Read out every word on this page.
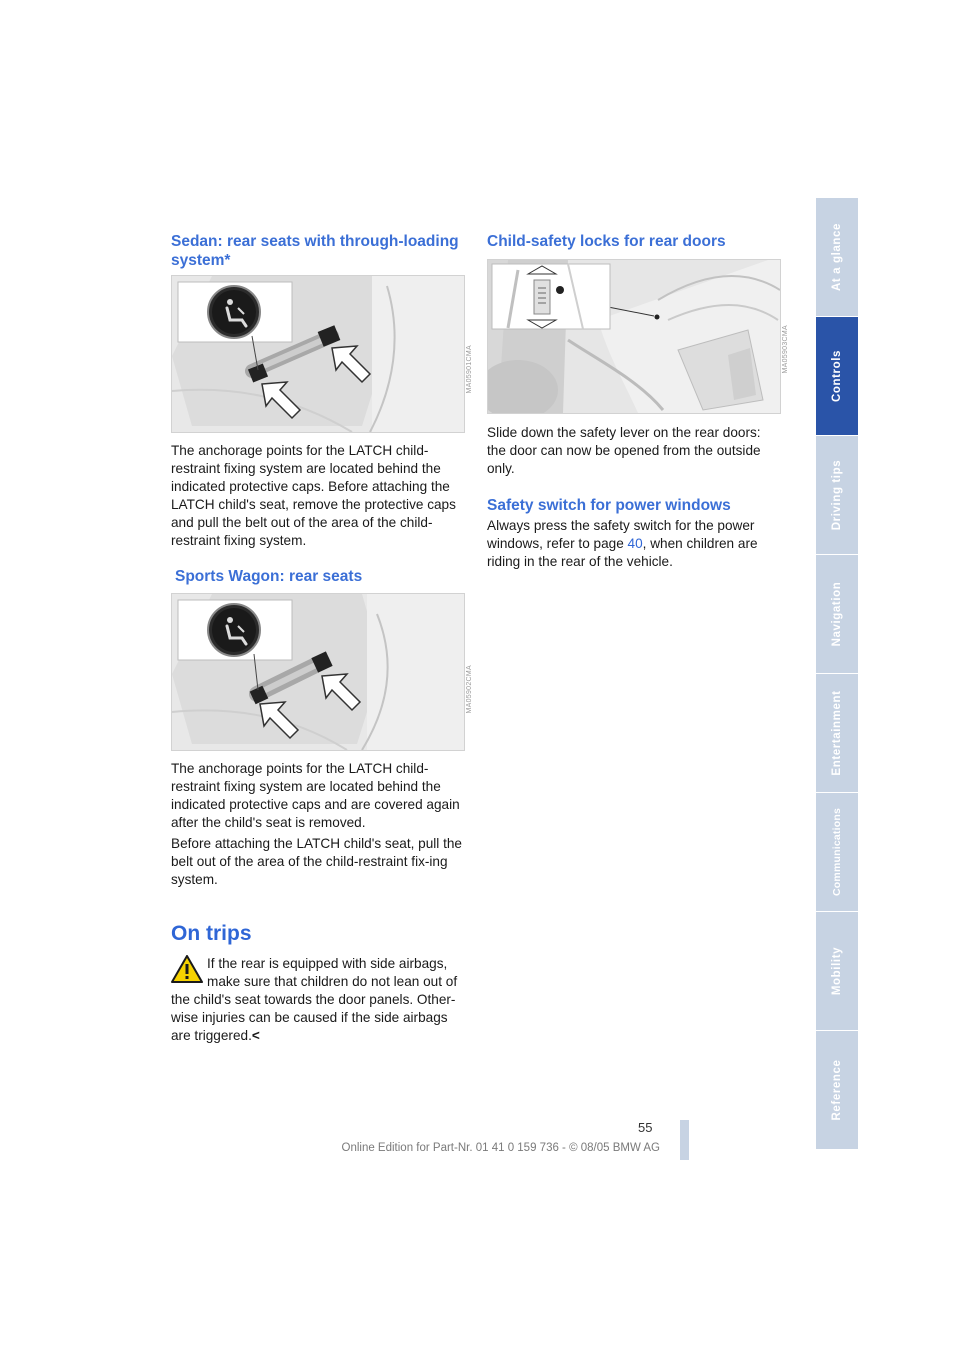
Sedan: rear seats with through-loading system*
MA05901CMA

The anchorage points for the LATCH child-restraint fixing system are located behind the indicated protective caps. Before attaching the LATCH child's seat, remove the protective caps and pull the belt out of the area of the child-restraint fixing system.

Sports Wagon: rear seats
MA05902CMA

The anchorage points for the LATCH child-restraint fixing system are located behind the indicated protective caps and are covered again after the child's seat is removed.

Before attaching the LATCH child's seat, pull the belt out of the area of the child-restraint fix-ing system.

On trips

If the rear is equipped with side airbags, make sure that children do not lean out of the child's seat towards the door panels. Other-wise injuries can be caused if the side airbags are triggered.<

Child-safety locks for rear doors
MA05903CMA

Slide down the safety lever on the rear doors: the door can now be opened from the outside only.

Safety switch for power windows

Always press the safety switch for the power windows, refer to page 40, when children are riding in the rear of the vehicle.

At a glance
Controls
Driving tips
Navigation
Entertainment
Communications
Mobility
Reference
55
Online Edition for Part-Nr. 01 41 0 159 736 - © 08/05 BMW AG
